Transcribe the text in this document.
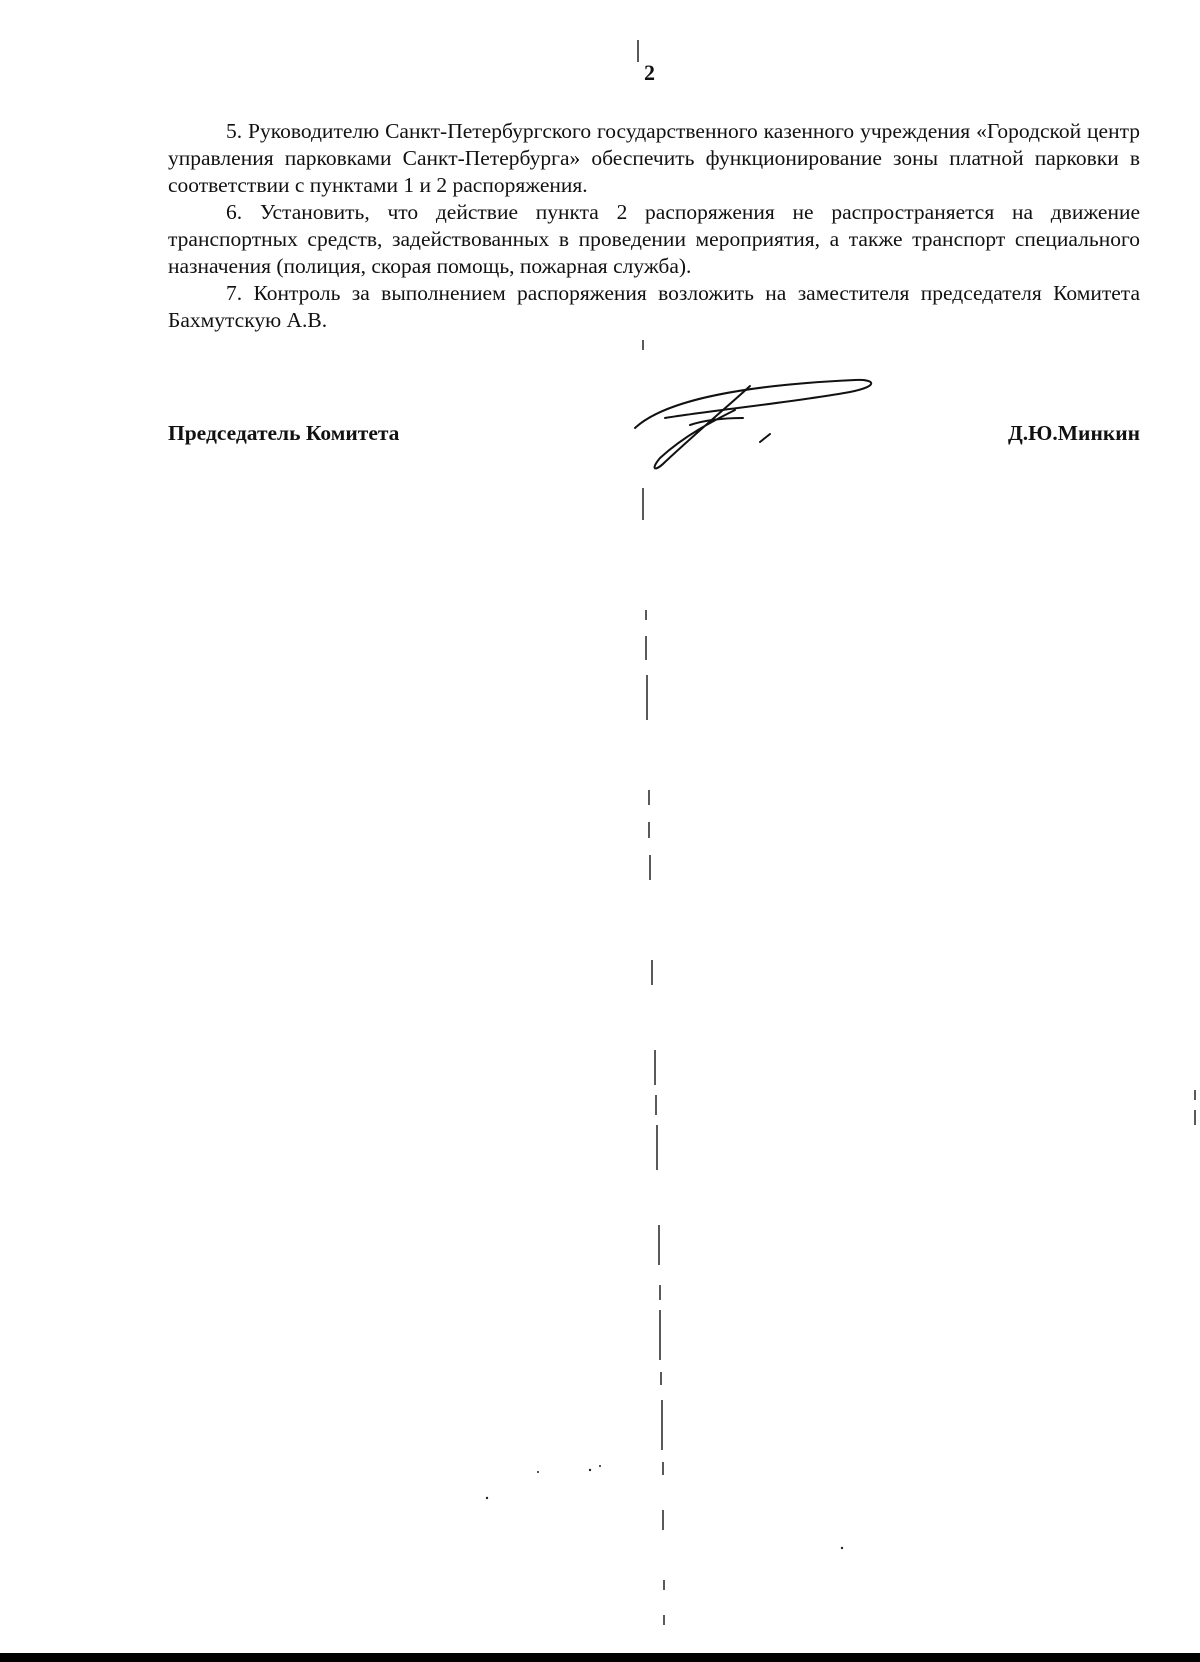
2

5. Руководителю Санкт-Петербургского государственного казенного учреждения «Городской центр управления парковками Санкт-Петербурга» обеспечить функционирование зоны платной парковки в соответствии с пунктами 1 и 2 распоряжения.

6. Установить, что действие пункта 2 распоряжения не распространяется на движение транспортных средств, задействованных в проведении мероприятия, а также транспорт специального назначения (полиция, скорая помощь, пожарная служба).

7. Контроль за выполнением распоряжения возложить на заместителя председателя Комитета Бахмутскую А.В.

Председатель Комитета	Д.Ю.Минкин
